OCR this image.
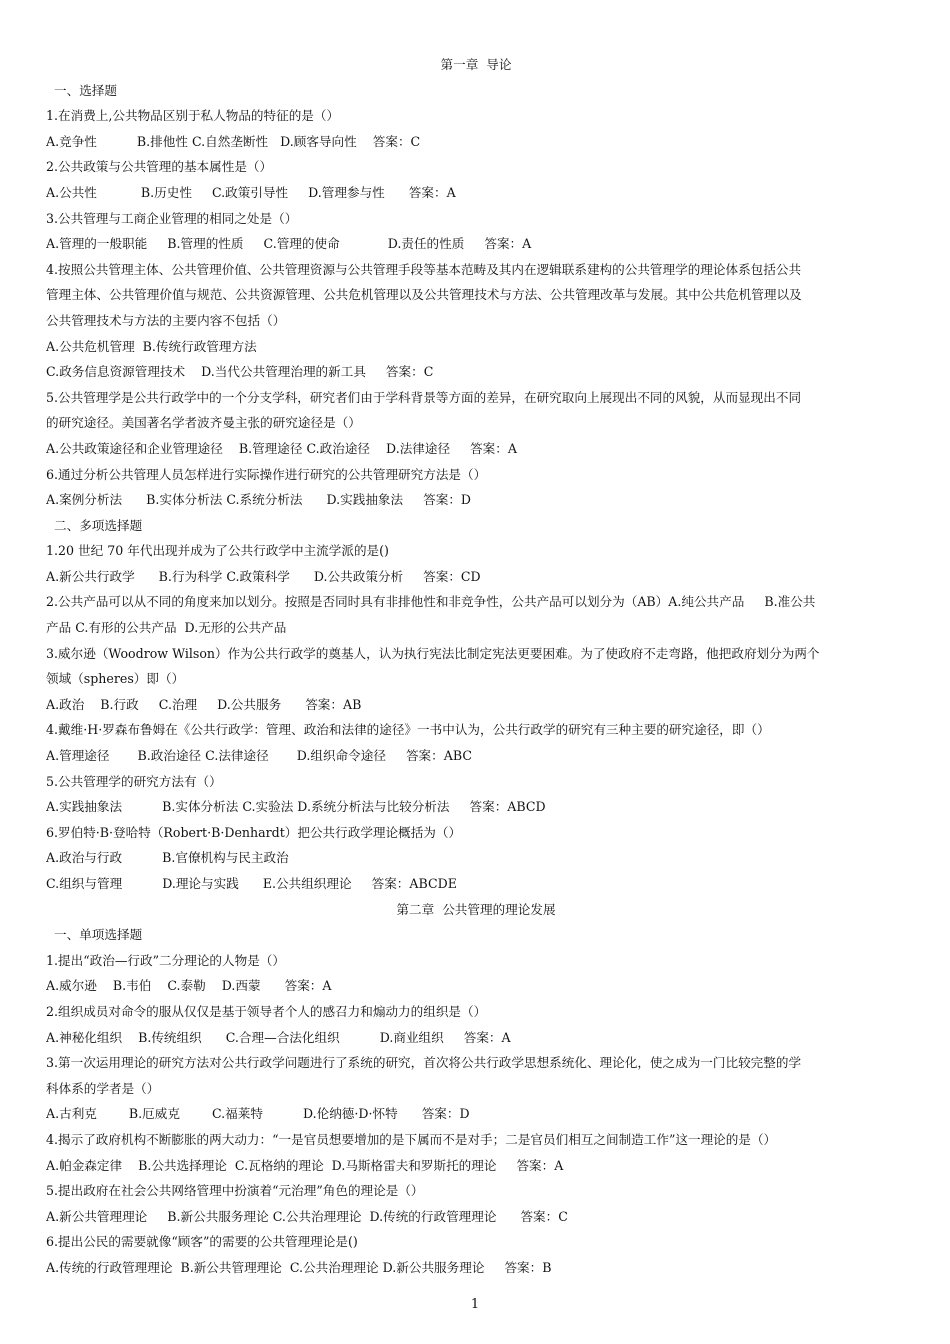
第一章  导论
一、选择题
1.在消费上,公共物品区别于私人物品的特征的是（）
A.竞争性          B.排他性 C.自然垄断性   D.顾客导向性    答案：C
2.公共政策与公共管理的基本属性是（）
A.公共性           B.历史性     C.政策引导性     D.管理参与性      答案：A
3.公共管理与工商企业管理的相同之处是（）
A.管理的一般职能     B.管理的性质     C.管理的使命            D.责任的性质     答案：A
4.按照公共管理主体、公共管理价值、公共管理资源与公共管理手段等基本范畴及其内在逻辑联系建构的公共管理学的理论体系包括公共
管理主体、公共管理价值与规范、公共资源管理、公共危机管理以及公共管理技术与方法、公共管理改革与发展。其中公共危机管理以及
公共管理技术与方法的主要内容不包括（）
A.公共危机管理  B.传统行政管理方法
C.政务信息资源管理技术    D.当代公共管理治理的新工具     答案：C
5.公共管理学是公共行政学中的一个分支学科，研究者们由于学科背景等方面的差异，在研究取向上展现出不同的风貌，从而显现出不同
的研究途径。美国著名学者波齐曼主张的研究途径是（）
A.公共政策途径和企业管理途径    B.管理途径 C.政治途径    D.法律途径     答案：A
6.通过分析公共管理人员怎样进行实际操作进行研究的公共管理研究方法是（）
A.案例分析法      B.实体分析法 C.系统分析法      D.实践抽象法     答案：D
二、多项选择题
1.20 世纪 70 年代出现并成为了公共行政学中主流学派的是()
A.新公共行政学      B.行为科学 C.政策科学      D.公共政策分析     答案：CD
2.公共产品可以从不同的角度来加以划分。按照是否同时具有非排他性和非竞争性，公共产品可以划分为（AB）A.纯公共产品     B.准公共
产品 C.有形的公共产品  D.无形的公共产品
3.威尔逊（Woodrow Wilson）作为公共行政学的奠基人，认为执行宪法比制定宪法更要困难。为了使政府不走弯路，他把政府划分为两个
领域（spheres）即（）
A.政治    B.行政     C.治理     D.公共服务      答案：AB
4.戴维·H·罗森布鲁姆在《公共行政学：管理、政治和法律的途径》一书中认为，公共行政学的研究有三种主要的研究途径，即（）
A.管理途径       B.政治途径 C.法律途径       D.组织命令途径     答案：ABC
5.公共管理学的研究方法有（）
A.实践抽象法          B.实体分析法 C.实验法 D.系统分析法与比较分析法     答案：ABCD
6.罗伯特·B·登哈特（Robert·B·Denhardt）把公共行政学理论概括为（）
A.政治与行政          B.官僚机构与民主政治
C.组织与管理          D.理论与实践      E.公共组织理论     答案：ABCDE
第二章  公共管理的理论发展
一、单项选择题
1.提出“政治—行政”二分理论的人物是（）
A.威尔逊    B.韦伯    C.泰勒    D.西蒙      答案：A
2.组织成员对命令的服从仅仅是基于领导者个人的感召力和煽动力的组织是（）
A.神秘化组织    B.传统组织      C.合理—合法化组织          D.商业组织     答案：A
3.第一次运用理论的研究方法对公共行政学问题进行了系统的研究，首次将公共行政学思想系统化、理论化，使之成为一门比较完整的学
科体系的学者是（）
A.古利克        B.厄威克        C.福莱特          D.伦纳德·D·怀特      答案：D
4.揭示了政府机构不断膨胀的两大动力：“一是官员想要增加的是下属而不是对手；二是官员们相互之间制造工作”这一理论的是（）
A.帕金森定律    B.公共选择理论  C.瓦格纳的理论  D.马斯格雷夫和罗斯托的理论     答案：A
5.提出政府在社会公共网络管理中扮演着“元治理”角色的理论是（）
A.新公共管理理论     B.新公共服务理论 C.公共治理理论  D.传统的行政管理理论      答案：C
6.提出公民的需要就像“顾客”的需要的公共管理理论是()
A.传统的行政管理理论  B.新公共管理理论  C.公共治理理论 D.新公共服务理论     答案：B
1
